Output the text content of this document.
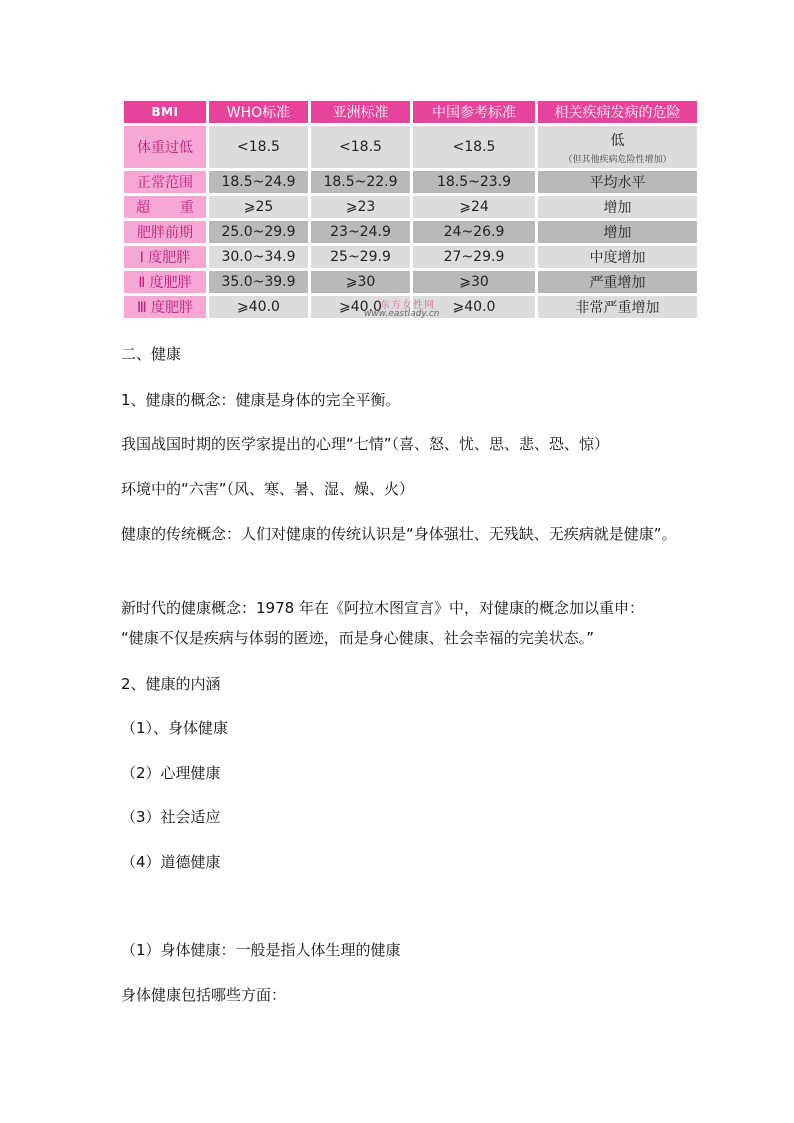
BMI	WHO标准	亚洲标准	中国参考标准	相关疾病发病的危险
体重过低	<18.5	<18.5	<18.5	低
（但其他疾病危险性增加）

正常范围	18.5~24.9	18.5~22.9	18.5~23.9	平均水平
超重	⩾25	⩾23	⩾24	增加
肥胖前期	25.0~29.9	23~24.9	24~26.9	增加
Ⅰ 度肥胖	30.0~34.9	25~29.9	27~29.9	中度增加
Ⅱ 度肥胖	35.0~39.9	⩾30	⩾30	严重增加
Ⅲ 度肥胖	⩾40.0	⩾40.0	⩾40.0	非常严重增加
东方女性网
www.eastlady.cn
二、健康
1、健康的概念：健康是身体的完全平衡。
我国战国时期的医学家提出的心理“七情”（喜、怒、忧、思、悲、恐、惊）
环境中的“六害”（风、寒、暑、湿、燥、火）
健康的传统概念：人们对健康的传统认识是“身体强壮、无残缺、无疾病就是健康”。
新时代的健康概念：1978 年在《阿拉木图宣言》中，对健康的概念加以重申：
“健康不仅是疾病与体弱的匿迹，而是身心健康、社会幸福的完美状态。”
2、健康的内涵
（1）、身体健康
（2）心理健康
（3）社会适应
（4）道德健康
（1）身体健康：一般是指人体生理的健康
身体健康包括哪些方面：
